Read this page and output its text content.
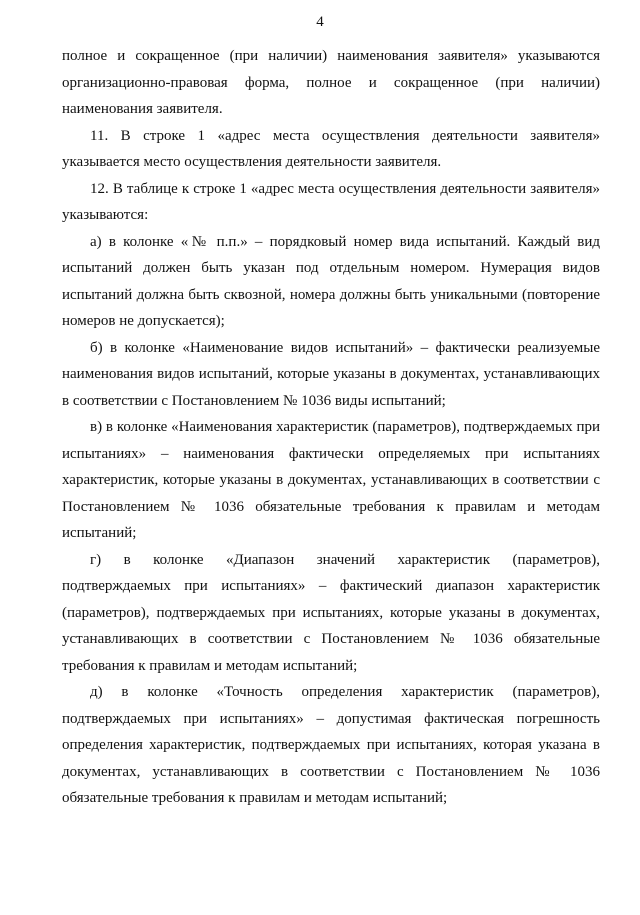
4

полное и сокращенное (при наличии) наименования заявителя» указываются организационно-правовая форма, полное и сокращенное (при наличии) наименования заявителя.

11. В строке 1 «адрес места осуществления деятельности заявителя» указывается место осуществления деятельности заявителя.

12. В таблице к строке 1 «адрес места осуществления деятельности заявителя» указываются:

а) в колонке «№ п.п.» – порядковый номер вида испытаний. Каждый вид испытаний должен быть указан под отдельным номером. Нумерация видов испытаний должна быть сквозной, номера должны быть уникальными (повторение номеров не допускается);

б) в колонке «Наименование видов испытаний» – фактически реализуемые наименования видов испытаний, которые указаны в документах, устанавливающих в соответствии с Постановлением № 1036 виды испытаний;

в) в колонке «Наименования характеристик (параметров), подтверждаемых при испытаниях» – наименования фактически определяемых при испытаниях характеристик, которые указаны в документах, устанавливающих в соответствии с Постановлением № 1036 обязательные требования к правилам и методам испытаний;

г) в колонке «Диапазон значений характеристик (параметров), подтверждаемых при испытаниях» – фактический диапазон характеристик (параметров), подтверждаемых при испытаниях, которые указаны в документах, устанавливающих в соответствии с Постановлением № 1036 обязательные требования к правилам и методам испытаний;

д) в колонке «Точность определения характеристик (параметров), подтверждаемых при испытаниях» – допустимая фактическая погрешность определения характеристик, подтверждаемых при испытаниях, которая указана в документах, устанавливающих в соответствии с Постановлением № 1036 обязательные требования к правилам и методам испытаний;
